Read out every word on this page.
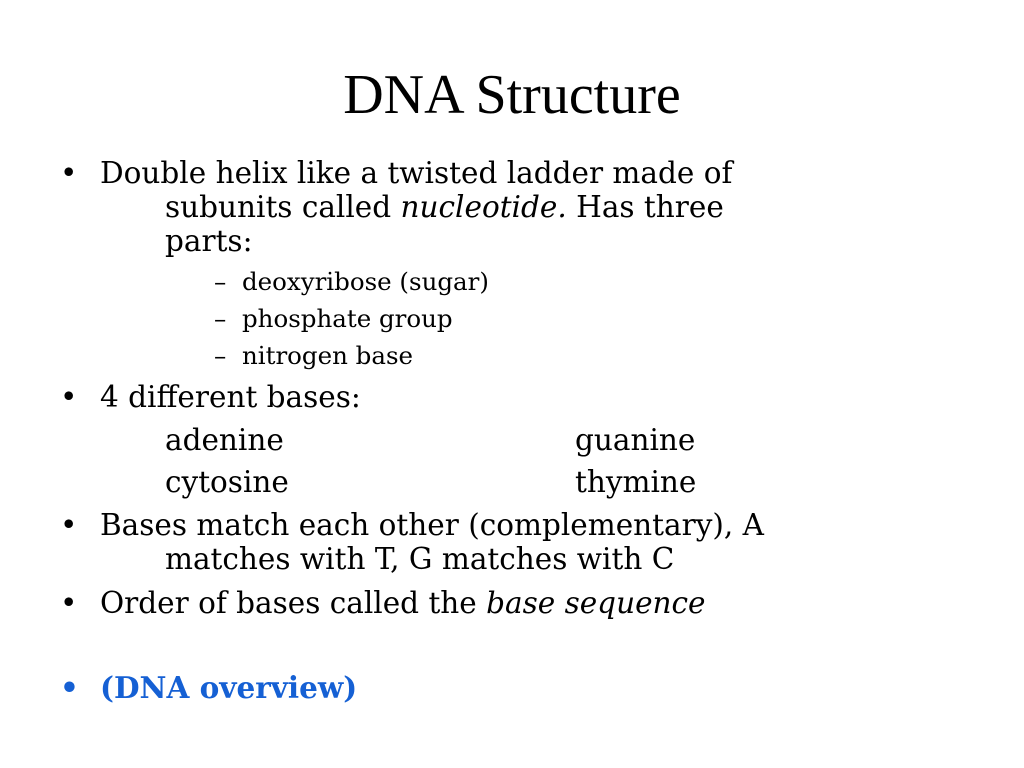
DNA Structure
• Double helix like a twisted ladder made of
subunits called nucleotide. Has three
parts:
– deoxyribose (sugar)
– phosphate group
– nitrogen base
• 4 different bases:
adenine	guanine
cytosine	thymine
• Bases match each other (complementary), A
matches with T, G matches with C
• Order of bases called the base sequence
• (DNA overview)
